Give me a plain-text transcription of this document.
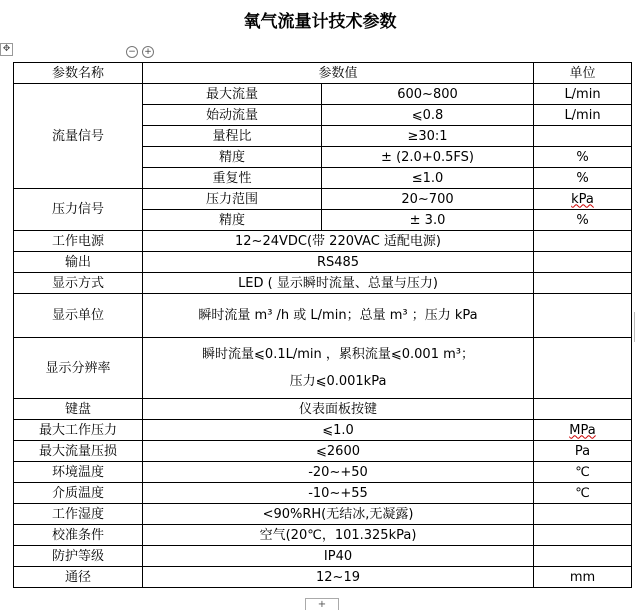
氧气流量计技术参数
✥	− +
参数名称	参数值		单位
流量信号	最大流量	600~800	L/min
	始动流量	⩽0.8	L/min
	量程比	≥30:1	
	精度	± (2.0+0.5FS)	%
	重复性	≤1.0	%
压力信号	压力范围	20~700	kPa
	精度	± 3.0	%
工作电源	12~24VDC(带 220VAC 适配电源)		
输出	RS485		
显示方式	LED ( 显示瞬时流量、总量与压力)		
显示单位	瞬时流量 m³ /h 或 L/min；总量 m³ ；压力 kPa		
显示分辨率	瞬时流量⩽0.1L/min ，累积流量⩽0.001 m³；
压力⩽0.001kPa		

键盘	仪表面板按键		
最大工作压力	⩽1.0		MPa
最大流量压损	⩽2600		Pa
环境温度	-20~+50		℃
介质温度	-10~+55		℃
工作湿度	<90%RH(无结冰,无凝露)		
校准条件	空气(20℃，101.325kPa)		
防护等级	IP40		
通径	12~19		mm
+
